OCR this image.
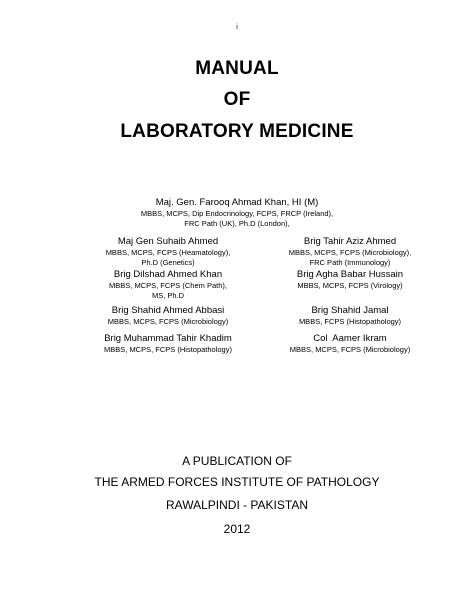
i
MANUAL
OF
LABORATORY MEDICINE
Maj. Gen. Farooq Ahmad Khan, HI (M)
MBBS, MCPS, Dip Endocrinology, FCPS, FRCP (Ireland),
FRC Path (UK), Ph.D (London),
Maj Gen Suhaib Ahmed
MBBS, MCPS, FCPS (Heamatology),
Ph.D (Genetics)
Brig Dilshad Ahmed Khan
MBBS, MCPS, FCPS (Chem Path),
MS, Ph.D
Brig Shahid Ahmed Abbasi
MBBS, MCPS, FCPS (Microbiology)
Brig Muhammad Tahir Khadim
MBBS, MCPS, FCPS (Histopathology)
Brig Tahir Aziz Ahmed
MBBS, MCPS, FCPS (Microbiology),
FRC Path (Immunology)
Brig Agha Babar Hussain
MBBS, MCPS, FCPS (Virology)
Brig Shahid Jamal
MBBS, FCPS (Histopathology)
Col  Aamer Ikram
MBBS, MCPS, FCPS (Microbiology)
A PUBLICATION OF
THE ARMED FORCES INSTITUTE OF PATHOLOGY
RAWALPINDI - PAKISTAN
2012
